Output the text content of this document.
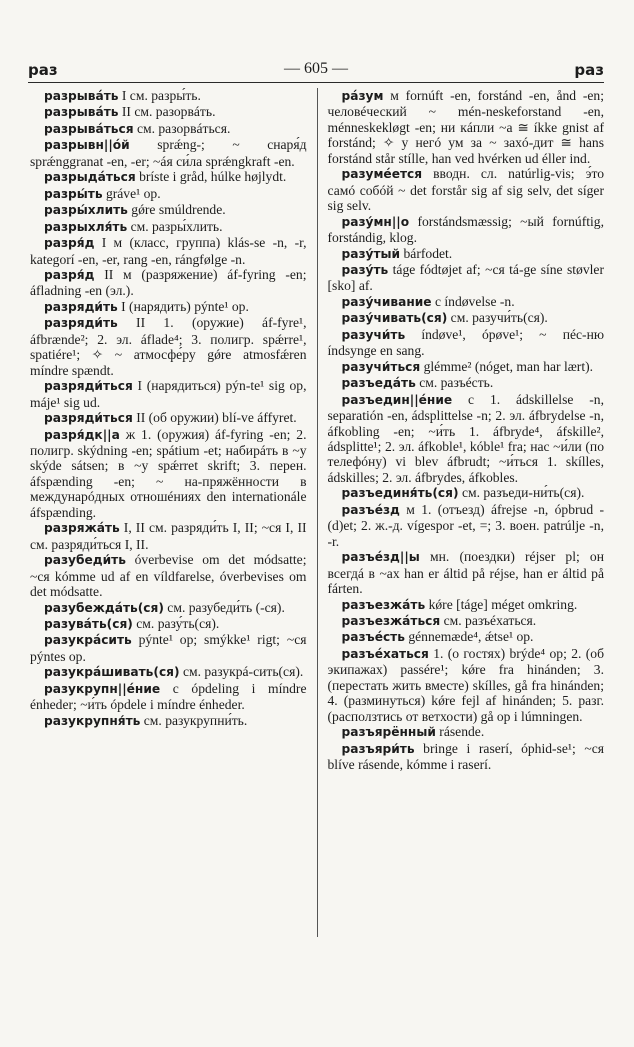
раз	— 605 —	раз

разрывáть I см. разры́ть.

разрывáть II см. разорвáть.

разрывáться см. разорвáться.

разрывн||óй sprǽng-; ~ снаря́д sprǽnggranat -en, -er; ~áя си́ла sprǽngkraft -en.

разрыдáться bríste i gråd, húlke højlydt.

разры́ть gráve¹ op.

разры́хлить gǿre smúldrende.

разрыхля́ть см. разры́хлить.

разря́д I м (класс, группа) klás-se -n, -r, kategorí -en, -er, rang -en, rángfølge -n.

разря́д II м (разряжение) áf-fyring -en; áfladning -en (эл.).

разряди́ть I (нарядить) pýnte¹ op.

разряди́ть II 1. (оружие) áf-fyre¹, áfbrænde²; 2. эл. áflade⁴; 3. полигр. spǽrre¹, spatiére¹; ✧ ~ атмосфе́ру gǿre atmosfǽren míndre spændt.

разряди́ться I (нарядиться) pýn-te¹ sig op, máje¹ sig ud.

разряди́ться II (об оружии) blí-ve áffyret.

разря́дк||а ж 1. (оружия) áf-fyring -en; 2. полигр. skýdning -en; spátium -et; набирáть в ~у skýde sátsen; в ~у spǽrret skrift; 3. перен. áfspænding -en; ~ на-пряжённости в междунарóдных отношéниях den internationále áfspænding.

разряжáть I, II см. разряди́ть I, II; ~ся I, II см. разряди́ться I, II.

разубеди́ть óverbevise om det módsatte; ~ся kómme ud af en víldfarelse, óverbevises om det módsatte.

разубеждáть(ся) см. разубеди́ть (-ся).

разувáть(ся) см. разу́ть(ся).

разукрáсить pýnte¹ op; smýkke¹ rigt; ~ся pýntes op.

разукрáшивать(ся) см. разукрá-сить(ся).

разукрупн||éние с ópdeling i míndre énheder; ~и́ть ópdele i míndre énheder.

разукрупня́ть см. разукрупни́ть.

рáзум м fornúft -en, forstánd -en, ånd -en; человéческий ~ mén-neskeforstand -en, ménneskekløgt -en; ни кáпли ~а ≅ íkke gnist af forstánd; ✧ у негó ум за ~ захó-дит ≅ hans forstánd står stílle, han ved hvérken ud éller ind.

разумéется вводн. сл. natúrlig-vis; э́то самó собóй ~ det forstår sig af sig selv, det síger sig selv.

разу́мн||о forstándsmæssig; ~ый fornúftig, forstándig, klog.

разу́тый bárfodet.

разу́ть táge fódtøjet af; ~ся tá-ge síne støvler [sko] af.

разу́чивание с índøvelse -n.

разу́чивать(ся) см. разучи́ть(ся).

разучи́ть índøve¹, ópøve¹; ~ пéс-ню índsynge en sang.

разучи́ться glémme² (nóget, man har lært).

разъедáть см. разъéсть.

разъедин||éние с 1. ádskillelse -n, separatión -en, ádsplittelse -n; 2. эл. áfbrydelse -n, áfkobling -en; ~и́ть 1. áfbryde⁴, áfskille², ádsplitte¹; 2. эл. áfkoble¹, kóble¹ fra; нас ~и́ли (по телефóну) vi blev áfbrudt; ~и́ться 1. skílles, ádskilles; 2. эл. áfbrydes, áfkobles.

разъединя́ть(ся) см. разъеди-ни́ть(ся).

разъéзд м 1. (отъезд) áfrejse -n, ópbrud -(d)et; 2. ж.-д. vígespor -et, =; 3. воен. patrúlje -n, -r.

разъéзд||ы мн. (поездки) réjser pl; он всегдá в ~ах han er áltid på réjse, han er áltid på fárten.

разъезжáть kǿre [táge] méget omkring.

разъезжáться см. разъéхаться.

разъéсть génnemæde⁴, ǽtse¹ op.

разъéхаться 1. (о гостях) brýde⁴ op; 2. (об экипажах) passére¹; kǿre fra hinánden; 3. (перестать жить вместе) skílles, gå fra hinánden; 4. (разминуться) kǿre fejl af hinánden; 5. разг. (расползтись от ветхости) gå op i lúmningen.

разъярённый rásende.

разъяри́ть bringe i raserí, óphid-se¹; ~ся blíve rásende, kómme i raserí.
